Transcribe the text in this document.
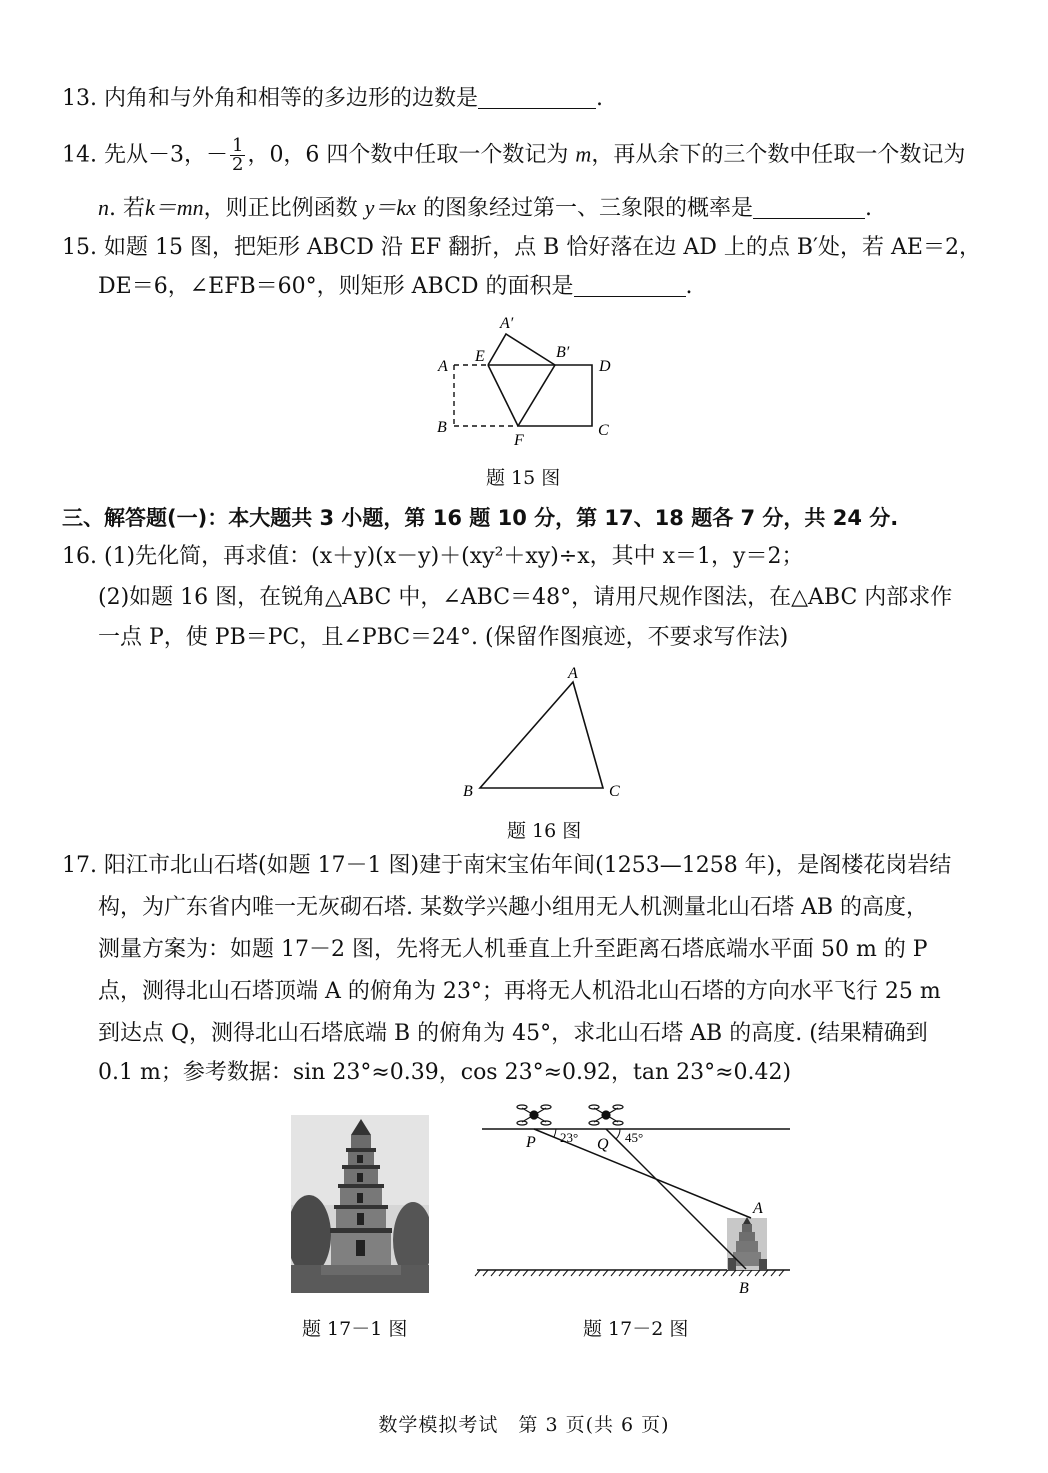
13. 内角和与外角和相等的多边形的边数是	.
14. 先从－3，－ $\frac{1}{2}$ ，0，6 四个数中任取一个数记为 m，再从余下的三个数中任取一个数记为
n. 若k＝mn，则正比例函数 y＝kx 的图象经过第一、三象限的概率是	.
15. 如题 15 图，把矩形 ABCD 沿 EF 翻折，点 B 恰好落在边 AD 上的点 B′处，若 AE＝2，
DE＝6，∠EFB＝60°，则矩形 ABCD 的面积是	.
A′
E	B′
A	D
B
F
C
题 15 图
三、解答题(一)：本大题共 3 小题，第 16 题 10 分，第 17、18 题各 7 分，共 24 分.
16. (1)先化简，再求值：(x＋y)(x－y)＋(xy²＋xy)÷x，其中 x＝1，y＝2；
(2)如题 16 图，在锐角△ABC 中，∠ABC＝48°，请用尺规作图法，在△ABC 内部求作
一点 P，使 PB＝PC，且∠PBC＝24°. (保留作图痕迹，不要求写作法)
A
B	C
题 16 图
17. 阳江市北山石塔(如题 17－1 图)建于南宋宝佑年间(1253—1258 年)，是阁楼花岗岩结
构，为广东省内唯一无灰砌石塔. 某数学兴趣小组用无人机测量北山石塔 AB 的高度，
测量方案为：如题 17－2 图，先将无人机垂直上升至距离石塔底端水平面 50 m 的 P
点，测得北山石塔顶端 A 的俯角为 23°；再将无人机沿北山石塔的方向水平飞行 25 m
到达点 Q，测得北山石塔底端 B 的俯角为 45°，求北山石塔 AB 的高度. (结果精确到
0.1 m；参考数据：sin 23°≈0.39，cos 23°≈0.92，tan 23°≈0.42)
题 17－1 图
P	Q
23°	45°
A
B
题 17－2 图
数学模拟考试　第 3 页(共 6 页)
